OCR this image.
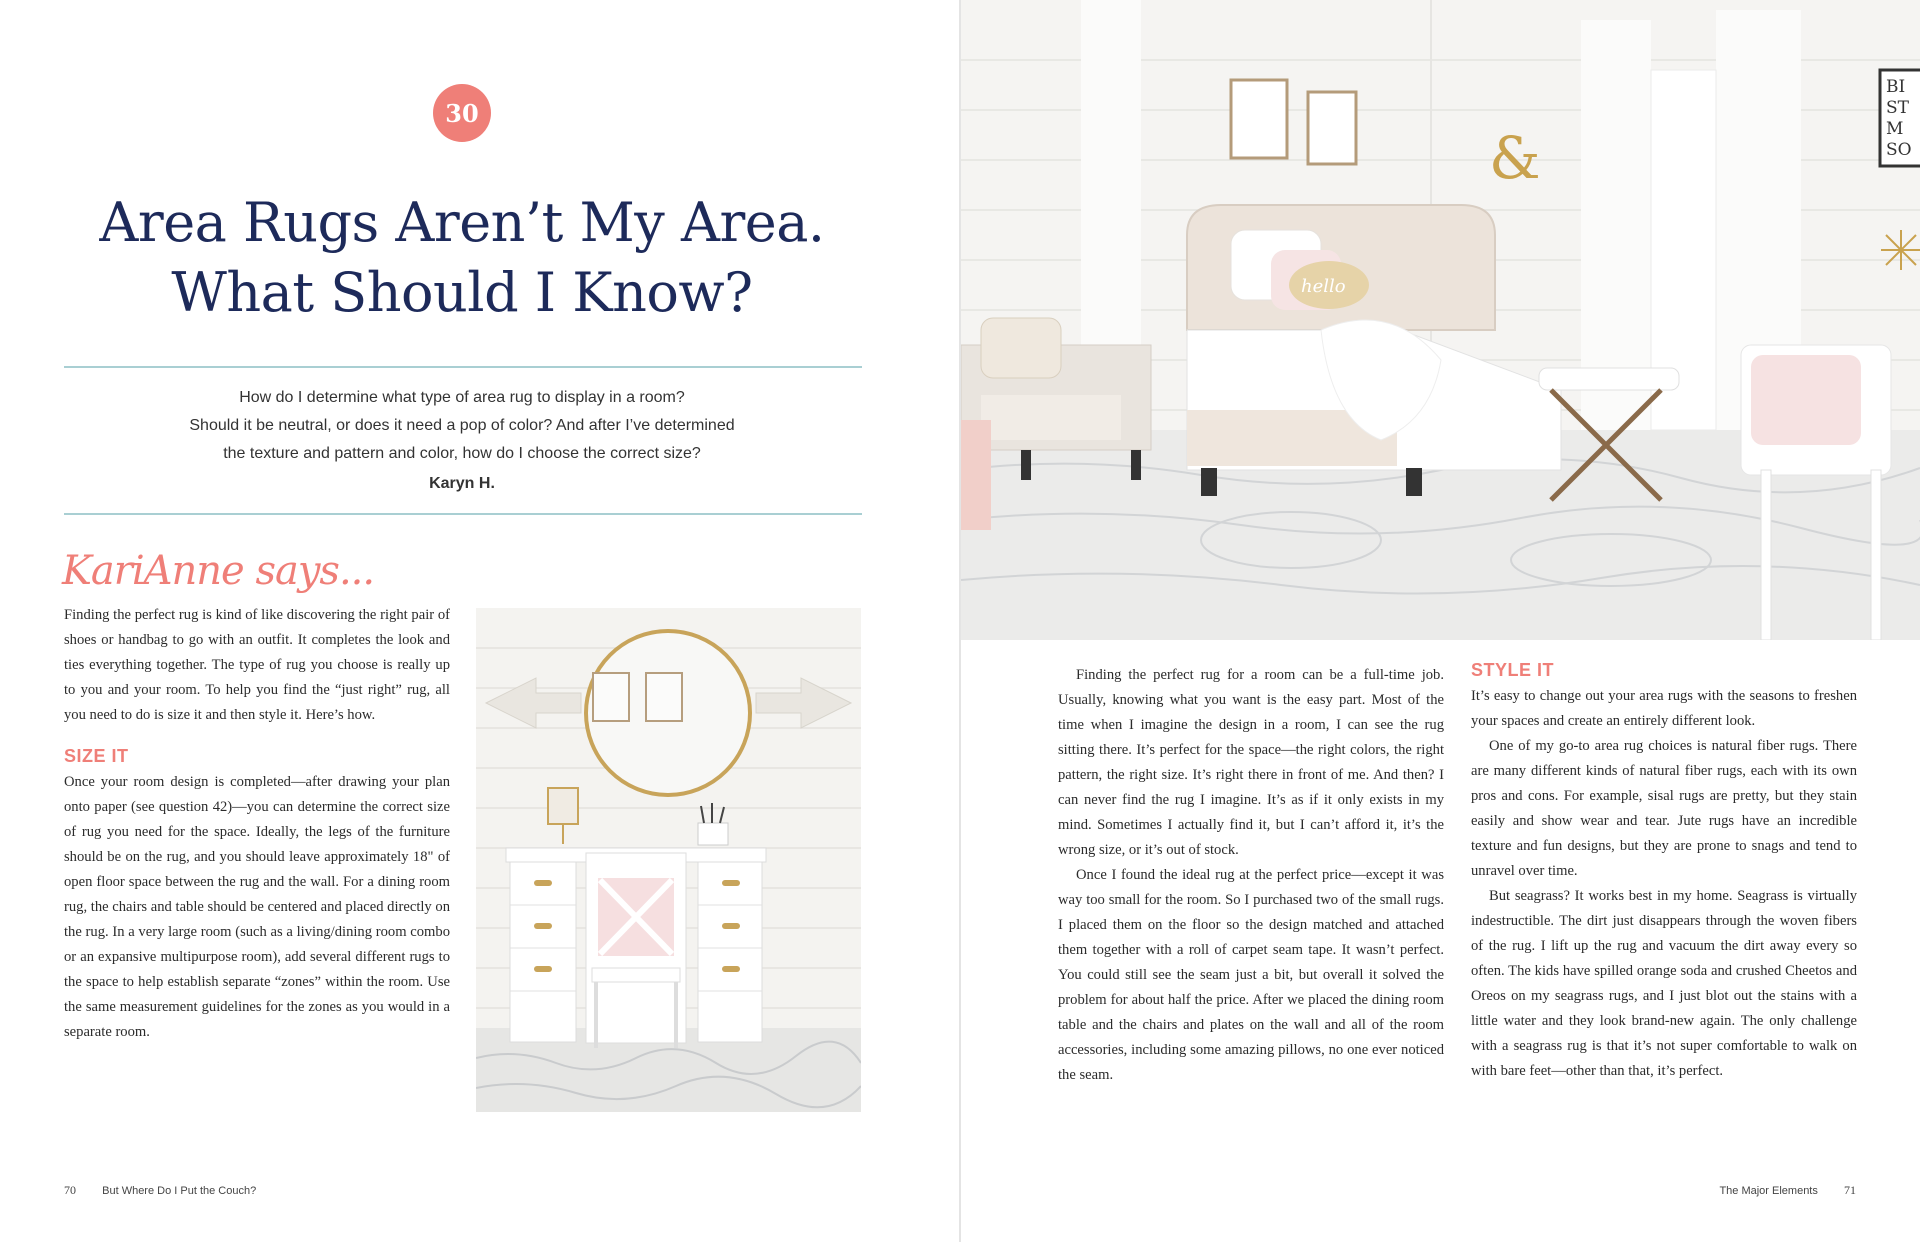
30
Area Rugs Aren’t My Area.
What Should I Know?
How do I determine what type of area rug to display in a room?
Should it be neutral, or does it need a pop of color? And after I’ve determined
the texture and pattern and color, how do I choose the correct size?
Karyn H.
KariAnne says...

Finding the perfect rug is kind of like discovering the right pair of shoes or handbag to go with an outfit. It completes the look and ties everything together. The type of rug you choose is really up to you and your room. To help you find the “just right” rug, all you need to do is size it and then style it. Here’s how.

SIZE IT

Once your room design is completed—after drawing your plan onto paper (see question 42)—you can determine the correct size of rug you need for the space. Ideally, the legs of the furniture should be on the rug, and you should leave approximately 18" of open floor space between the rug and the wall. For a dining room rug, the chairs and table should be centered and placed directly on the rug. In a very large room (such as a living/dining room combo or an expansive multipurpose room), add several different rugs to the space to help establish separate “zones” within the room. Use the same measurement guidelines for the zones as you would in a separate room.

&
BI
ST
M
SO
hello

Finding the perfect rug for a room can be a full-time job. Usually, knowing what you want is the easy part. Most of the time when I imagine the design in a room, I can see the rug sitting there. It’s perfect for the space—the right colors, the right pattern, the right size. It’s right there in front of me. And then? I can never find the rug I imagine. It’s as if it only exists in my mind. Sometimes I actually find it, but I can’t afford it, it’s the wrong size, or it’s out of stock.

Once I found the ideal rug at the perfect price—except it was way too small for the room. So I purchased two of the small rugs. I placed them on the floor so the design matched and attached them together with a roll of carpet seam tape. It wasn’t perfect. You could still see the seam just a bit, but overall it solved the problem for about half the price. After we placed the dining room table and the chairs and plates on the wall and all of the room accessories, including some amazing pillows, no one ever noticed the seam.

STYLE IT

It’s easy to change out your area rugs with the seasons to freshen your spaces and create an entirely different look.

One of my go-to area rug choices is natural fiber rugs. There are many different kinds of natural fiber rugs, each with its own pros and cons. For example, sisal rugs are pretty, but they stain easily and show wear and tear. Jute rugs have an incredible texture and fun designs, but they are prone to snags and tend to unravel over time.

But seagrass? It works best in my home. Seagrass is virtually indestructible. The dirt just disappears through the woven fibers of the rug. I lift up the rug and vacuum the dirt away every so often. The kids have spilled orange soda and crushed Cheetos and Oreos on my seagrass rugs, and I just blot out the stains with a little water and they look brand-new again. The only challenge with a seagrass rug is that it’s not super comfortable to walk on with bare feet—other than that, it’s perfect.

70 But Where Do I Put the Couch?	The Major Elements 71
